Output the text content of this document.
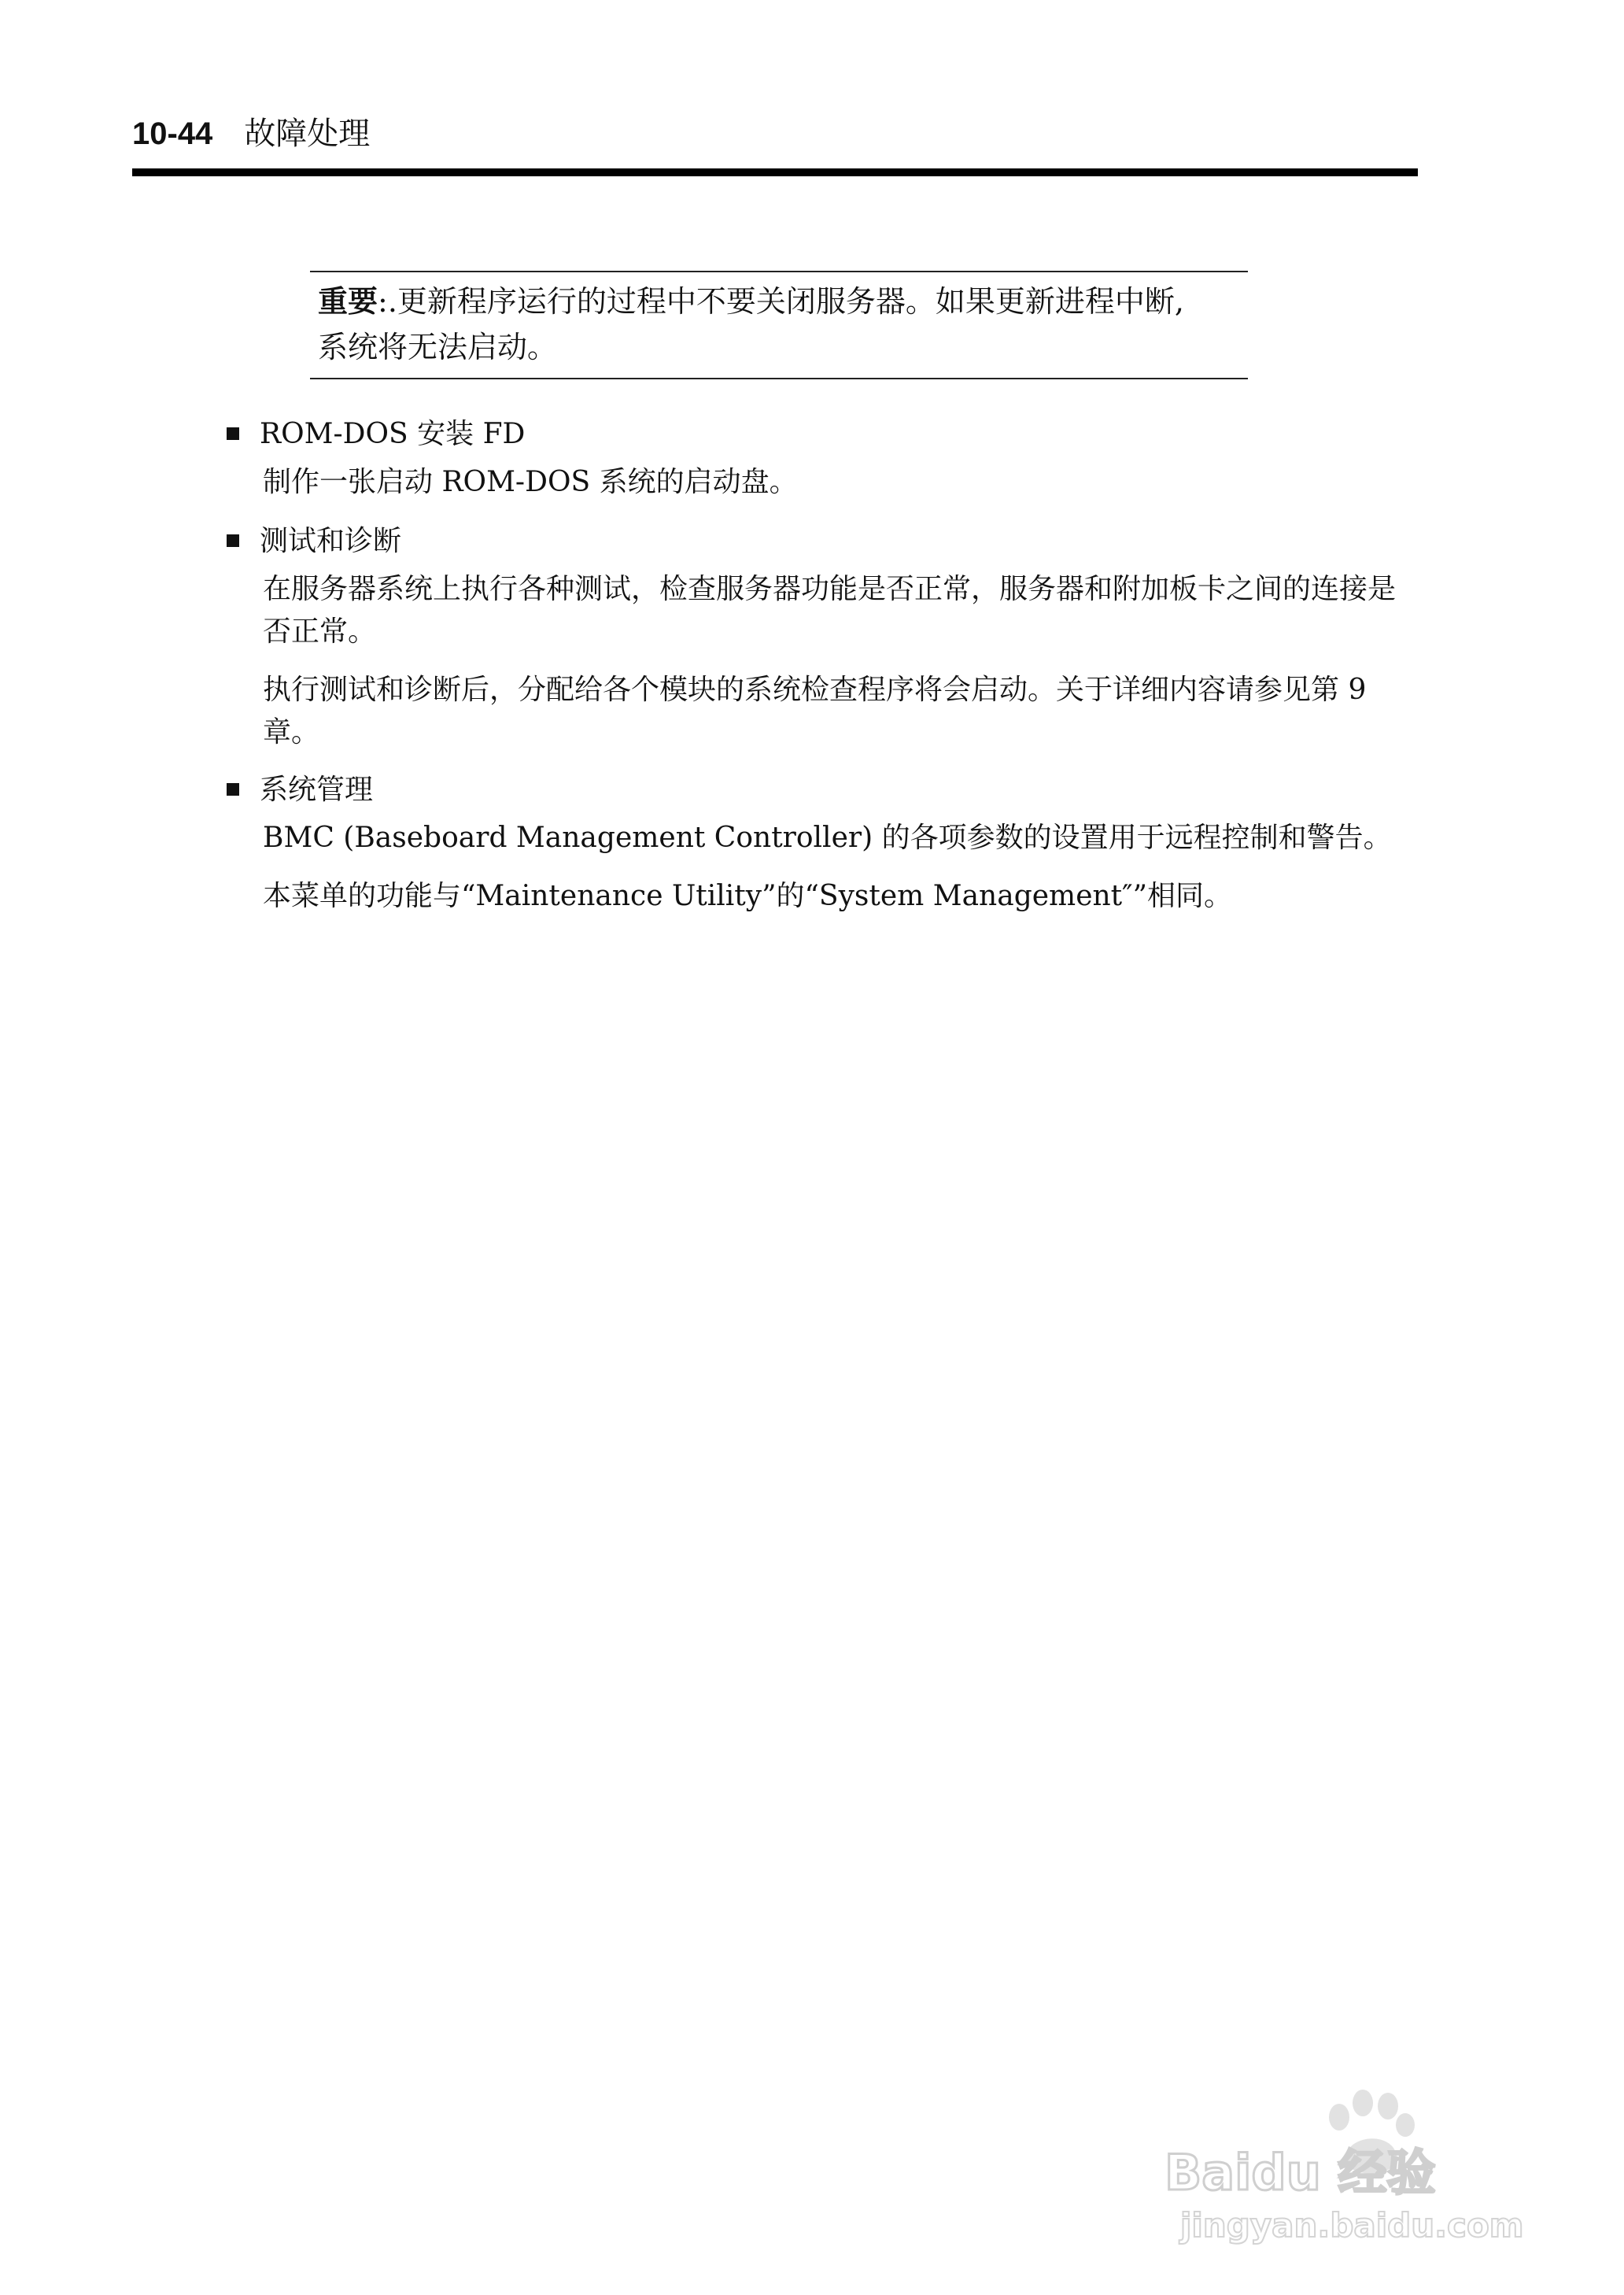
10-44 故障处理
重要:.更新程序运行的过程中不要关闭服务器。如果更新进程中断,
系统将无法启动。
ROM-DOS 安装 FD
制作一张启动 ROM-DOS 系统的启动盘。
测试和诊断
在服务器系统上执行各种测试，检查服务器功能是否正常，服务器和附加板卡之间的连接是否正常。
执行测试和诊断后，分配给各个模块的系统检查程序将会启动。关于详细内容请参见第 9 章。
系统管理
BMC (Baseboard Management Controller) 的各项参数的设置用于远程控制和警告。
本菜单的功能与“Maintenance Utility”的“System Management″”相同。
Baidu 经验
jingyan.baidu.com
